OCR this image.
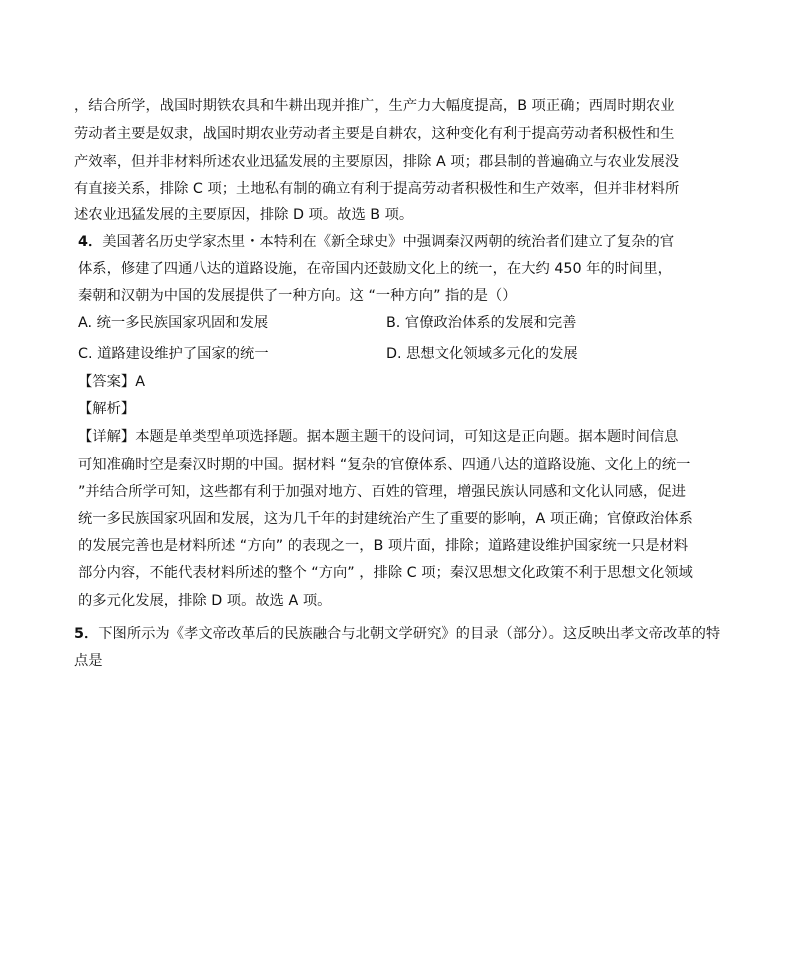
，结合所学，战国时期铁农具和牛耕出现并推广，生产力大幅度提高，B 项正确；西周时期农业
劳动者主要是奴隶，战国时期农业劳动者主要是自耕农，这种变化有利于提高劳动者积极性和生
产效率，但并非材料所述农业迅猛发展的主要原因，排除 A 项；郡县制的普遍确立与农业发展没
有直接关系，排除 C 项；土地私有制的确立有利于提高劳动者积极性和生产效率，但并非材料所
述农业迅猛发展的主要原因，排除 D 项。故选 B 项。
4．美国著名历史学家杰里・本特利在《新全球史》中强调秦汉两朝的统治者们建立了复杂的官
体系，修建了四通八达的道路设施，在帝国内还鼓励文化上的统一，在大约 450 年的时间里，
秦朝和汉朝为中国的发展提供了一种方向。这 “一种方向” 指的是（）
A. 统一多民族国家巩固和发展	B. 官僚政治体系的发展和完善
C. 道路建设维护了国家的统一	D. 思想文化领域多元化的发展
【答案】A
【解析】
【详解】本题是单类型单项选择题。据本题主题干的设问词，可知这是正向题。据本题时间信息
可知准确时空是秦汉时期的中国。据材料 “复杂的官僚体系、四通八达的道路设施、文化上的统一
”并结合所学可知，这些都有利于加强对地方、百姓的管理，增强民族认同感和文化认同感，促进
统一多民族国家巩固和发展，这为几千年的封建统治产生了重要的影响，A 项正确；官僚政治体系
的发展完善也是材料所述 “方向” 的表现之一，B 项片面，排除；道路建设维护国家统一只是材料
部分内容，不能代表材料所述的整个 “方向” ，排除 C 项；秦汉思想文化政策不利于思想文化领域
的多元化发展，排除 D 项。故选 A 项。
5．下图所示为《孝文帝改革后的民族融合与北朝文学研究》的目录（部分）。这反映出孝文帝改革的特
点是
